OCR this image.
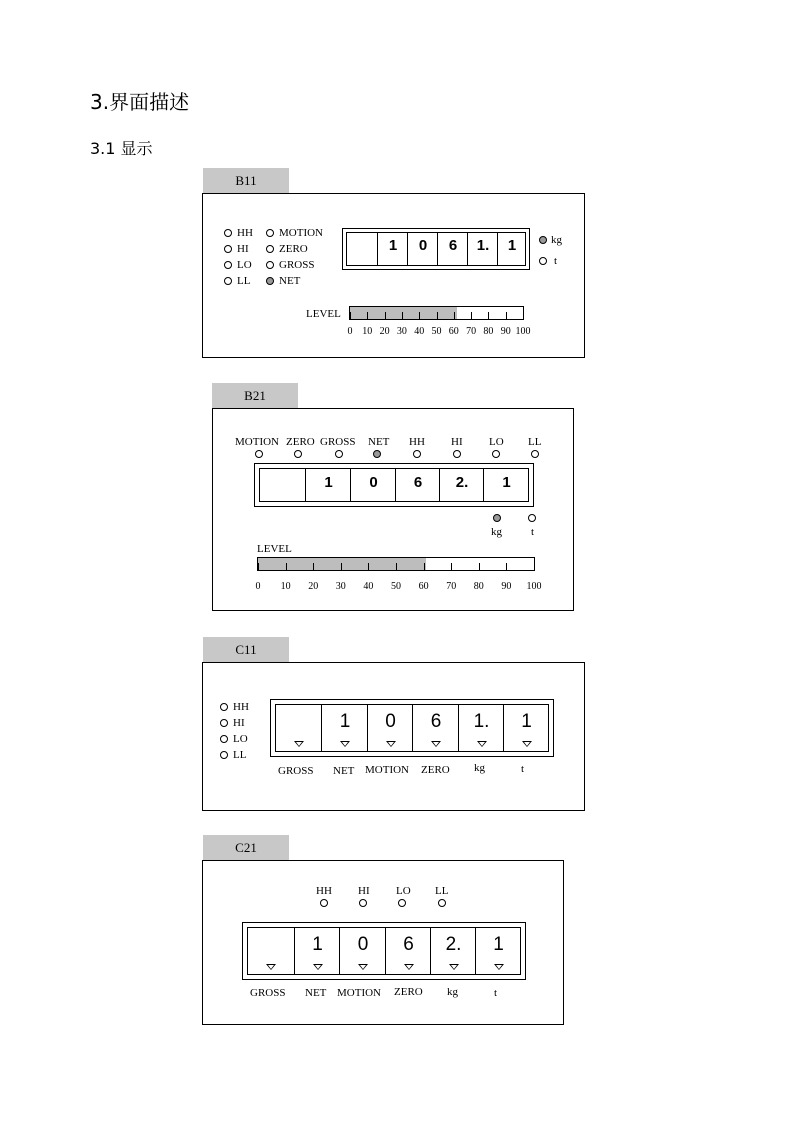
3.界面描述
3.1 显示
B11
HH
HI
LO
LL
MOTION
ZERO
GROSS
NET
1	0	6	1.	1	kg
t
LEVEL
0 10 20 30 40 50 60 70 80 90 100
B21
MOTION ZERO GROSS NET HH HI LO LL
1	0	6	2.	1
kg	t
LEVEL
0 10 20 30 40 50 60 70 80 90 100
C11
HH
HI
LO
LL
1	0	6	1.	1
GROSS NET MOTION ZERO kg	t
C21
HH HI LO LL
1	0	6	2.	1
GROSS NET MOTION ZERO kg	t
